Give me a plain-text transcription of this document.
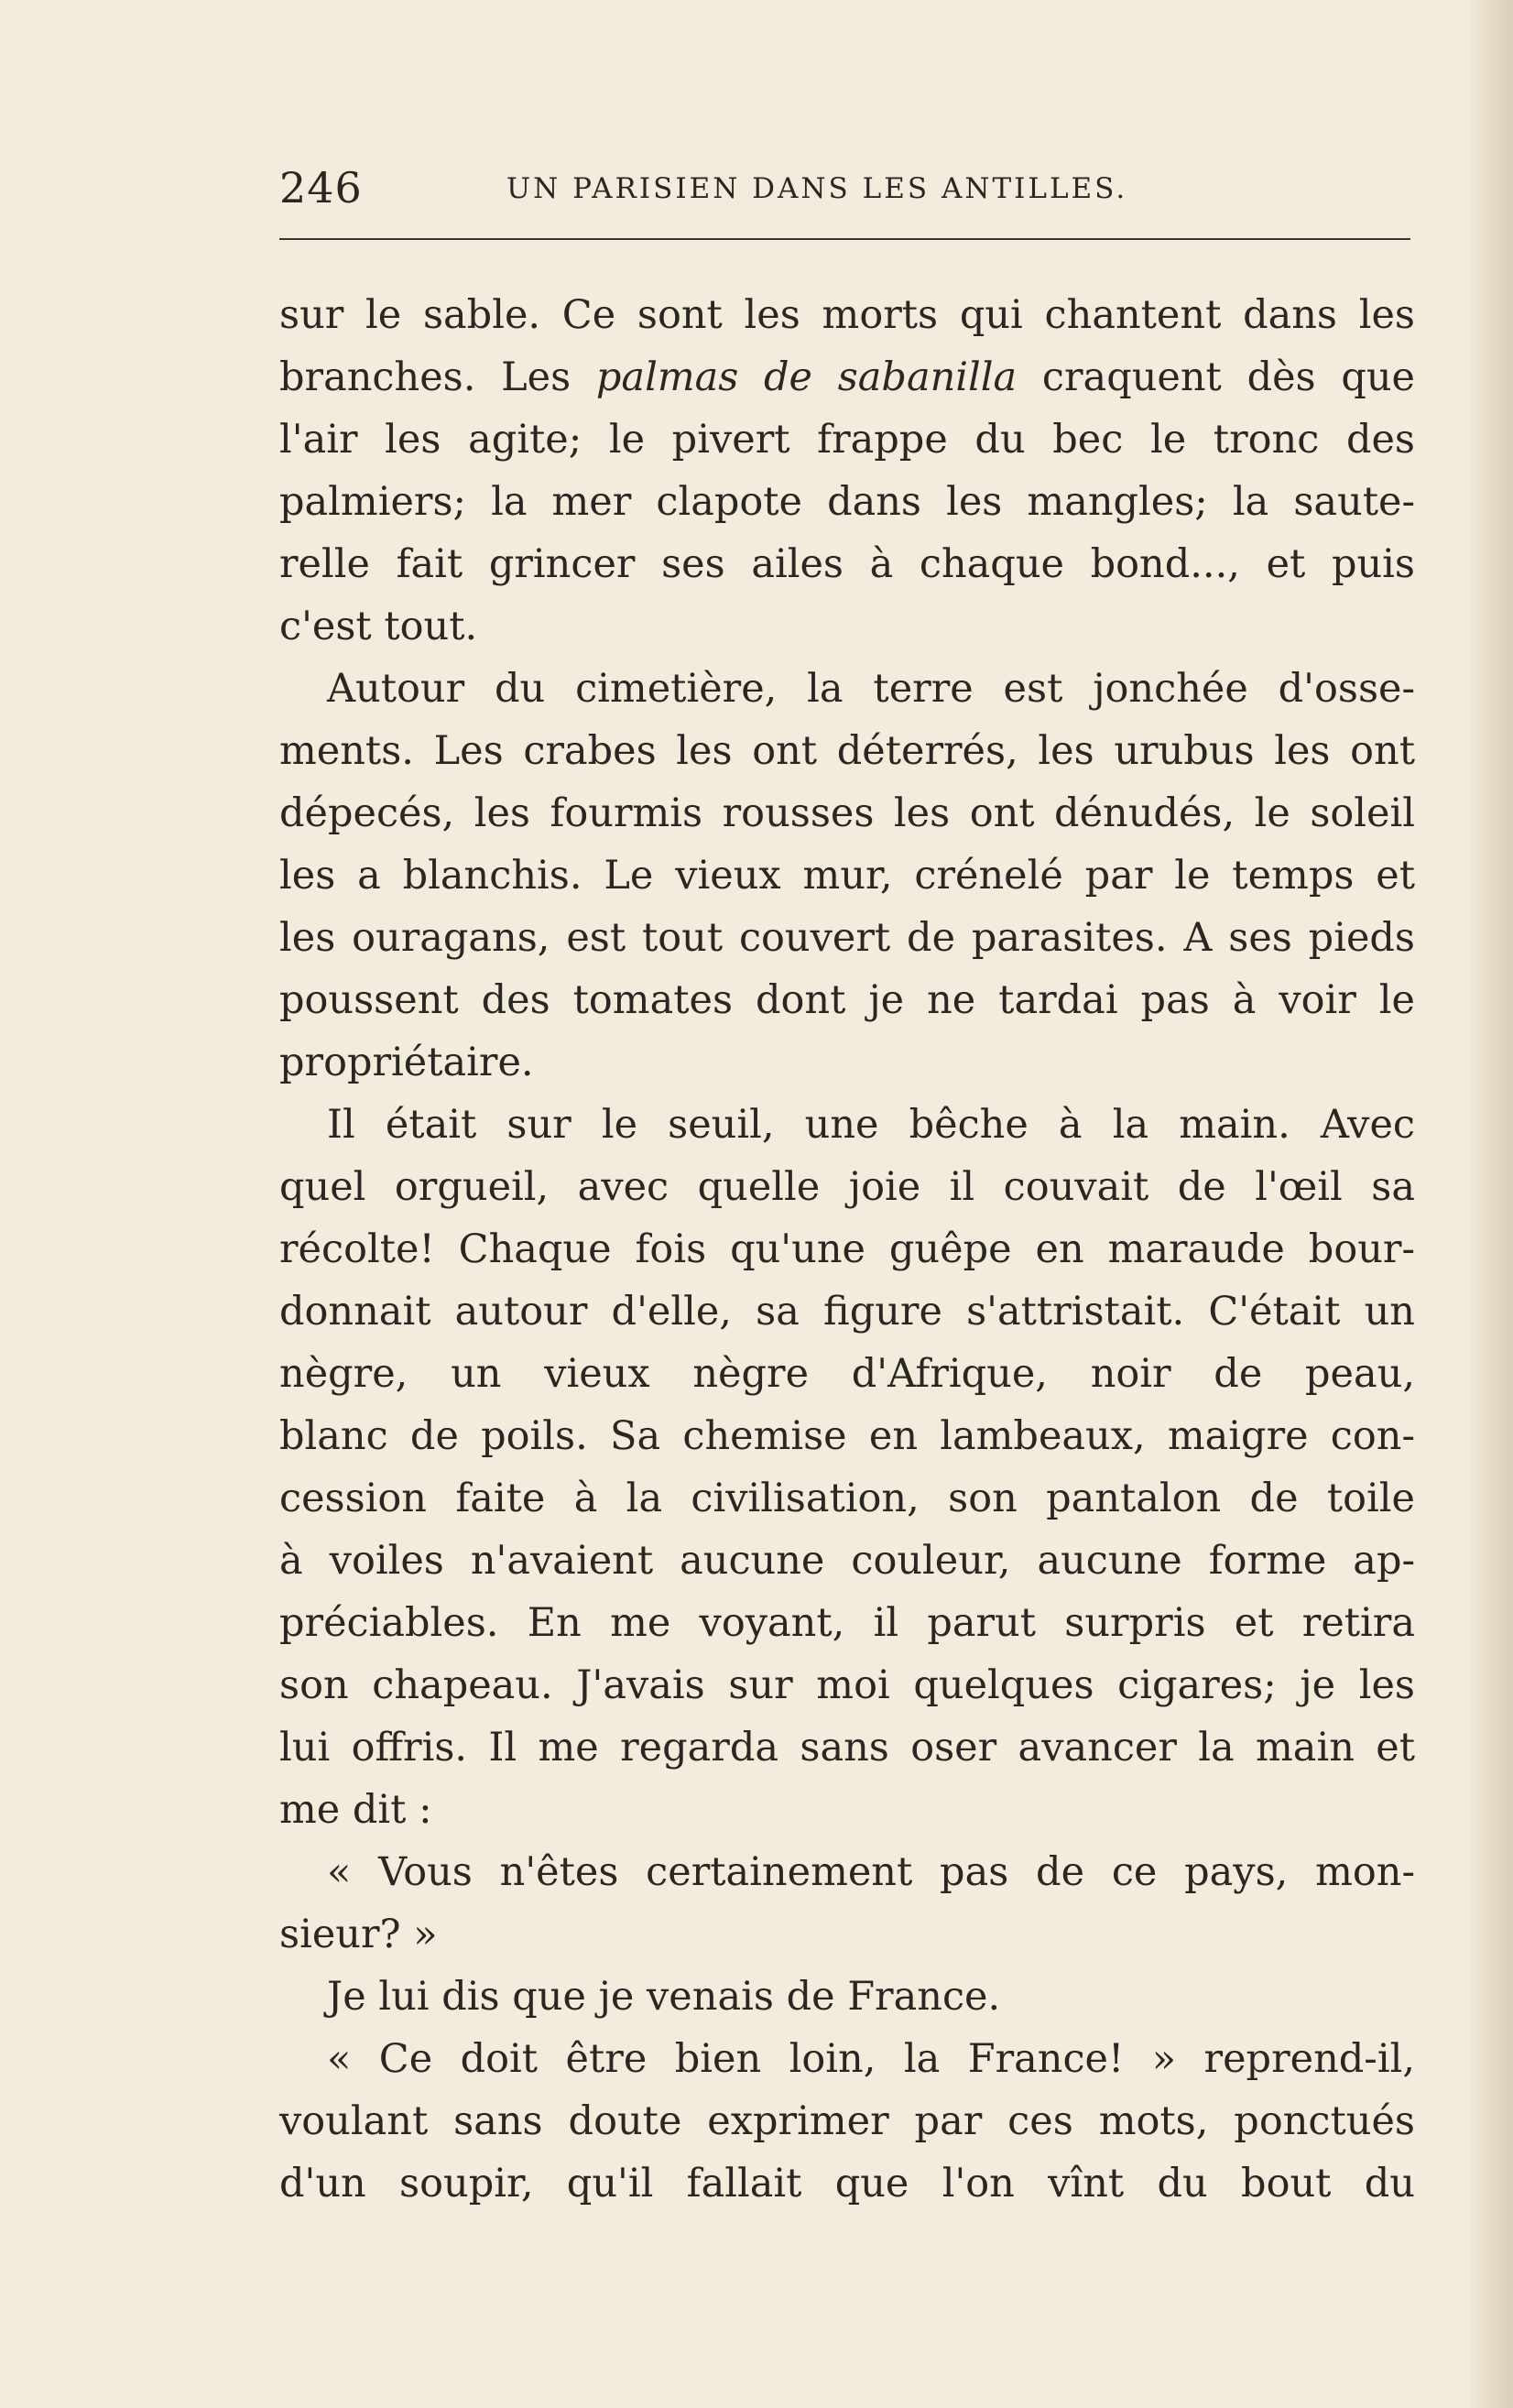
246	UN PARISIEN DANS LES ANTILLES.
sur le sable. Ce sont les morts qui chantent dans les
branches. Les palmas de sabanilla craquent dès que
l'air les agite; le pivert frappe du bec le tronc des
palmiers; la mer clapote dans les mangles; la saute-
relle fait grincer ses ailes à chaque bond..., et puis
c'est tout.
Autour du cimetière, la terre est jonchée d'osse-
ments. Les crabes les ont déterrés, les urubus les ont
dépecés, les fourmis rousses les ont dénudés, le soleil
les a blanchis. Le vieux mur, crénelé par le temps et
les ouragans, est tout couvert de parasites. A ses pieds
poussent des tomates dont je ne tardai pas à voir le
propriétaire.
Il était sur le seuil, une bêche à la main. Avec
quel orgueil, avec quelle joie il couvait de l'œil sa
récolte! Chaque fois qu'une guêpe en maraude bour-
donnait autour d'elle, sa figure s'attristait. C'était un
nègre, un vieux nègre d'Afrique, noir de peau,
blanc de poils. Sa chemise en lambeaux, maigre con-
cession faite à la civilisation, son pantalon de toile
à voiles n'avaient aucune couleur, aucune forme ap-
préciables. En me voyant, il parut surpris et retira
son chapeau. J'avais sur moi quelques cigares; je les
lui offris. Il me regarda sans oser avancer la main et
me dit :
« Vous n'êtes certainement pas de ce pays, mon-
sieur? »
Je lui dis que je venais de France.
« Ce doit être bien loin, la France! » reprend-il,
voulant sans doute exprimer par ces mots, ponctués
d'un soupir, qu'il fallait que l'on vînt du bout du
